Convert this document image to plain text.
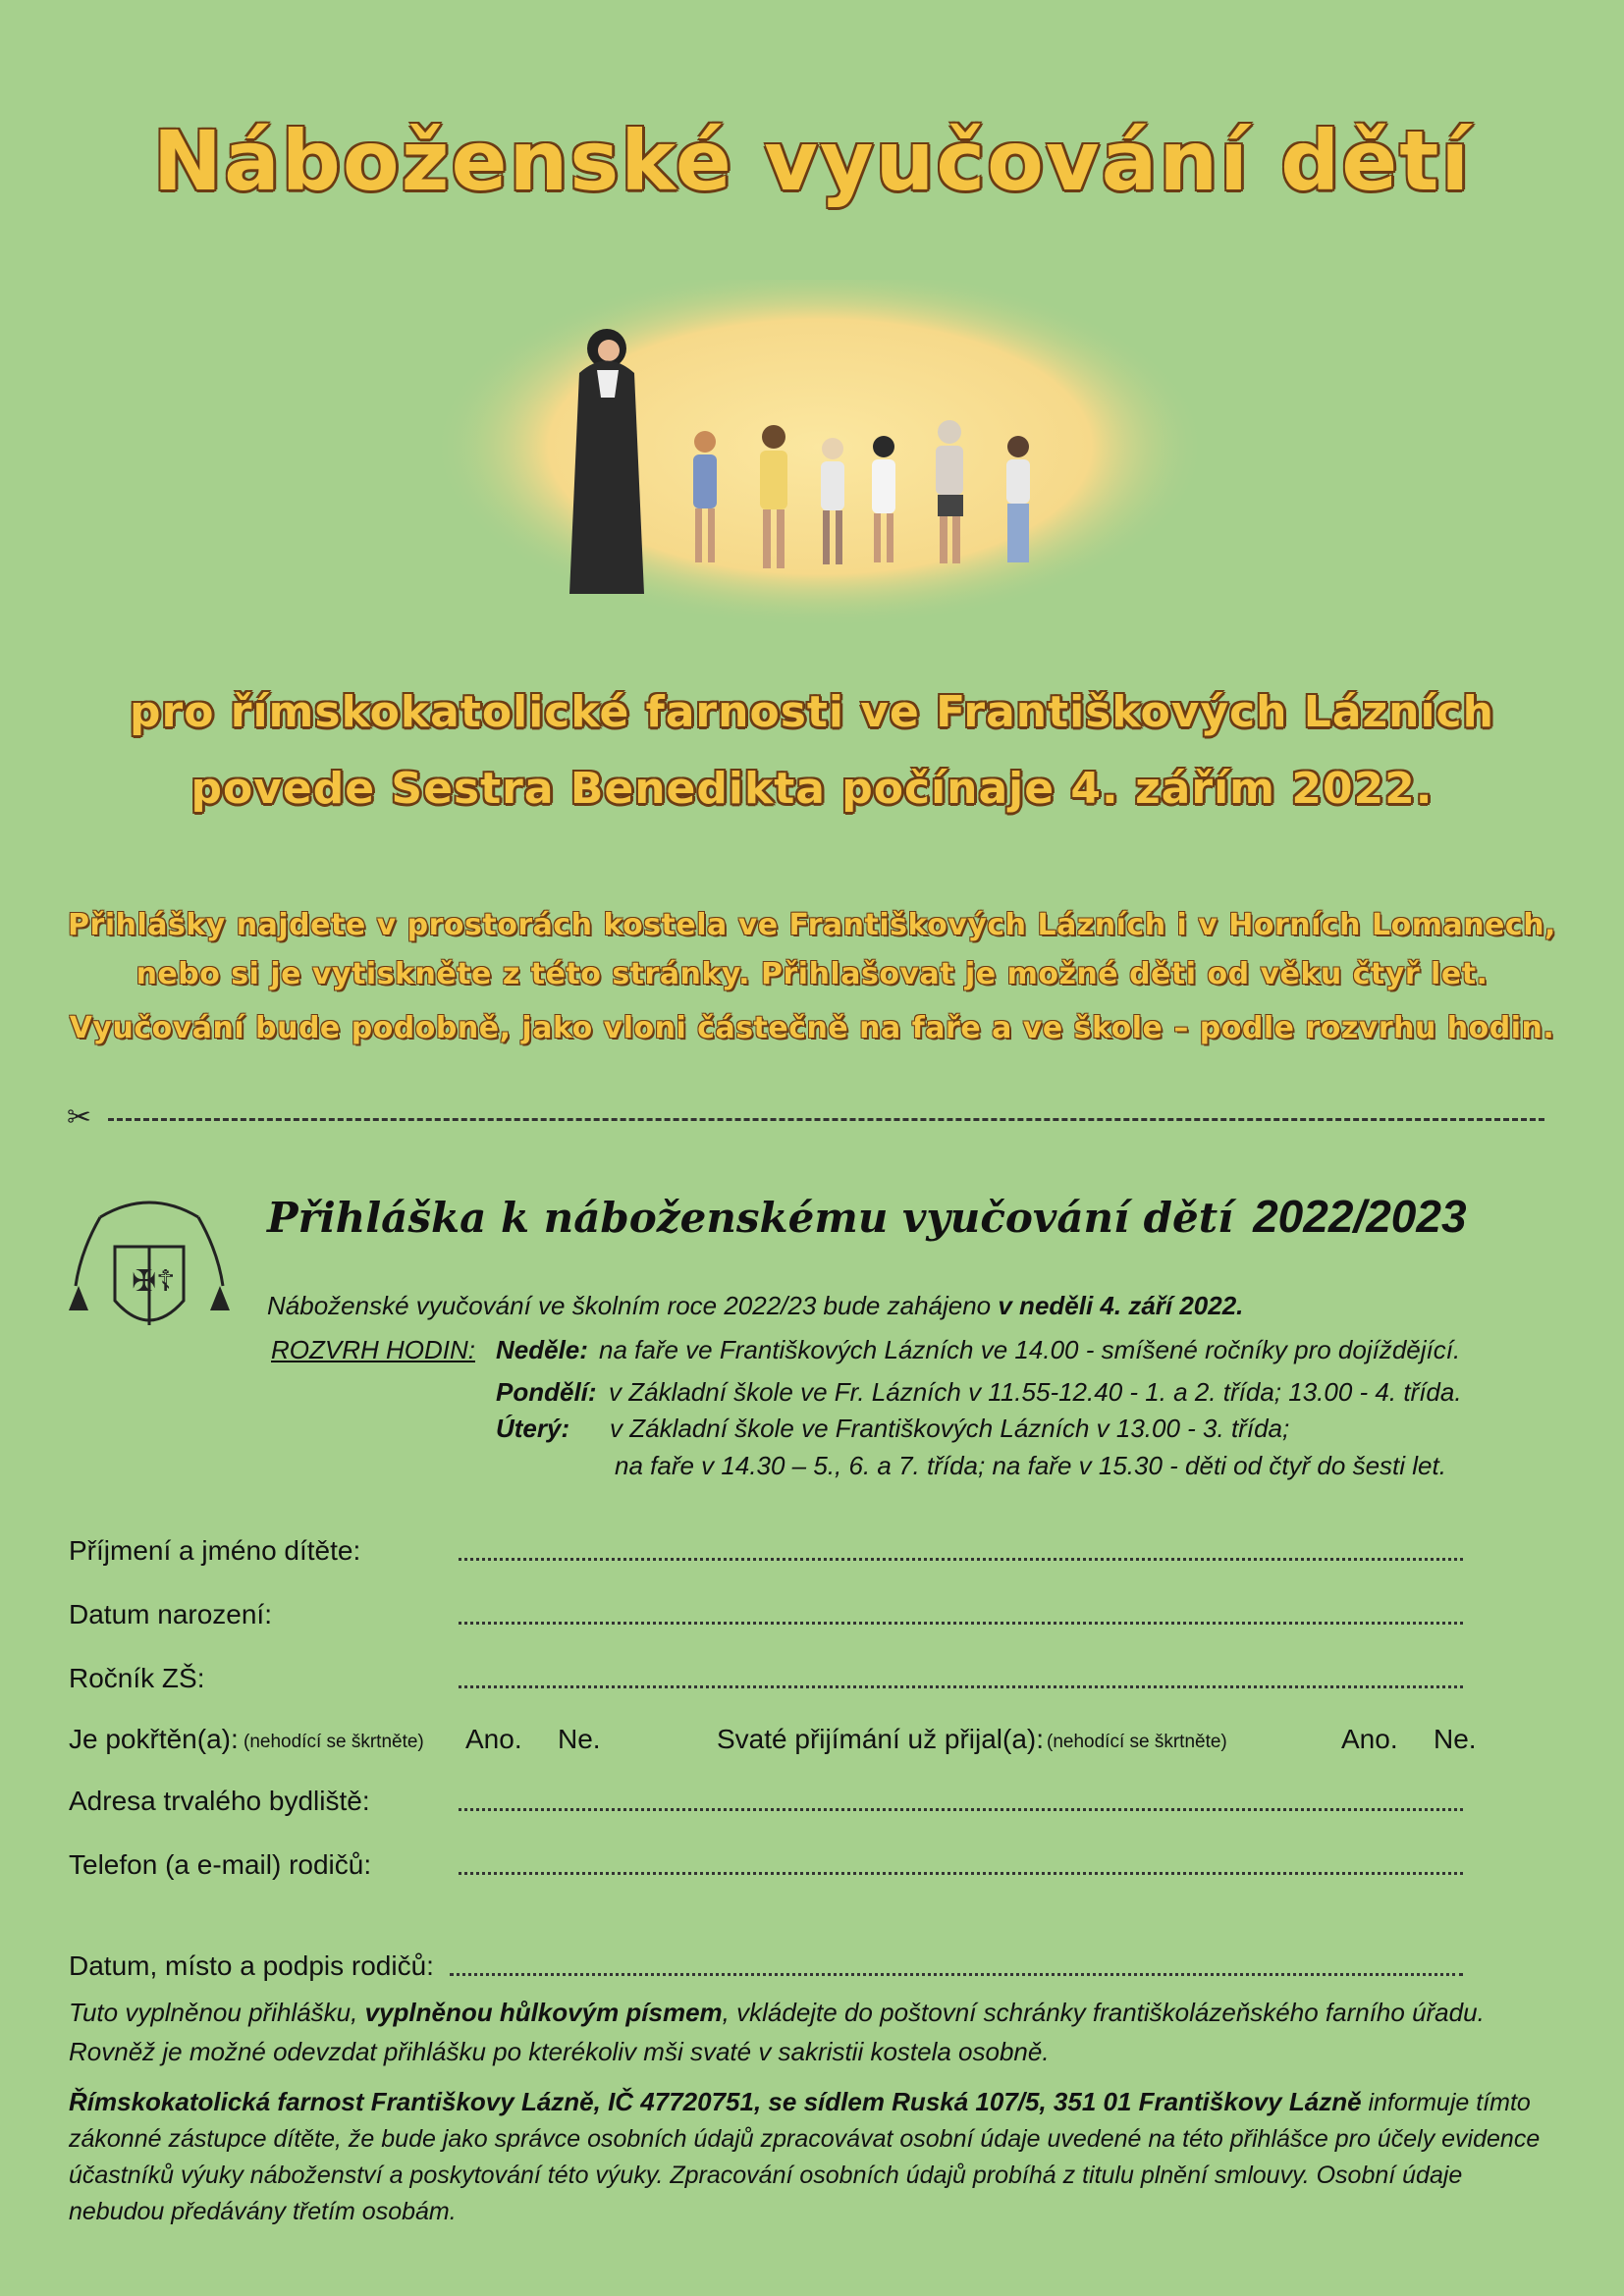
Náboženské vyučování dětí
pro římskokatolické farnosti ve Františkových Lázních
povede Sestra Benedikta počínaje 4. zářím 2022.
Přihlášky najdete v prostorách kostela ve Františkových Lázních i v Horních Lomanech,
nebo si je vytiskněte z této stránky. Přihlašovat je možné děti od věku čtyř let.
Vyučování bude podobně, jako vloni částečně na faře a ve škole – podle rozvrhu hodin.
✂
✠ ☦
Přihláška k náboženskému vyučování dětí 2022/2023
Náboženské vyučování ve školním roce 2022/23 bude zahájeno v neděli 4. září 2022.
ROZVRH HODIN: Neděle: na faře ve Františkových Lázních ve 14.00 - smíšené ročníky pro dojíždějící.
Pondělí: v Základní škole ve Fr. Lázních v 11.55-12.40 - 1. a 2. třída; 13.00 - 4. třída.
Úterý: v Základní škole ve Františkových Lázních v 13.00 - 3. třída;
na faře v 14.30 – 5., 6. a 7. třída; na faře v 15.30 - děti od čtyř do šesti let.
Příjmení a jméno dítěte:
Datum narození:
Ročník ZŠ:
Je pokřtěn(a): (nehodící se škrtněte) Ano. Ne.	Svaté přijímání už přijal(a): (nehodící se škrtněte)	Ano. Ne.
Adresa trvalého bydliště:
Telefon (a e-mail) rodičů:
Datum, místo a podpis rodičů:
Tuto vyplněnou přihlášku, vyplněnou hůlkovým písmem, vkládejte do poštovní schránky františkolázeňského farního úřadu. Rovněž je možné odevzdat přihlášku po kterékoliv mši svaté v sakristii kostela osobně.
Římskokatolická farnost Františkovy Lázně, IČ 47720751, se sídlem Ruská 107/5, 351 01 Františkovy Lázně informuje tímto zákonné zástupce dítěte, že bude jako správce osobních údajů zpracovávat osobní údaje uvedené na této přihlášce pro účely evidence účastníků výuky náboženství a poskytování této výuky. Zpracování osobních údajů probíhá z titulu plnění smlouvy. Osobní údaje nebudou předávány třetím osobám.
